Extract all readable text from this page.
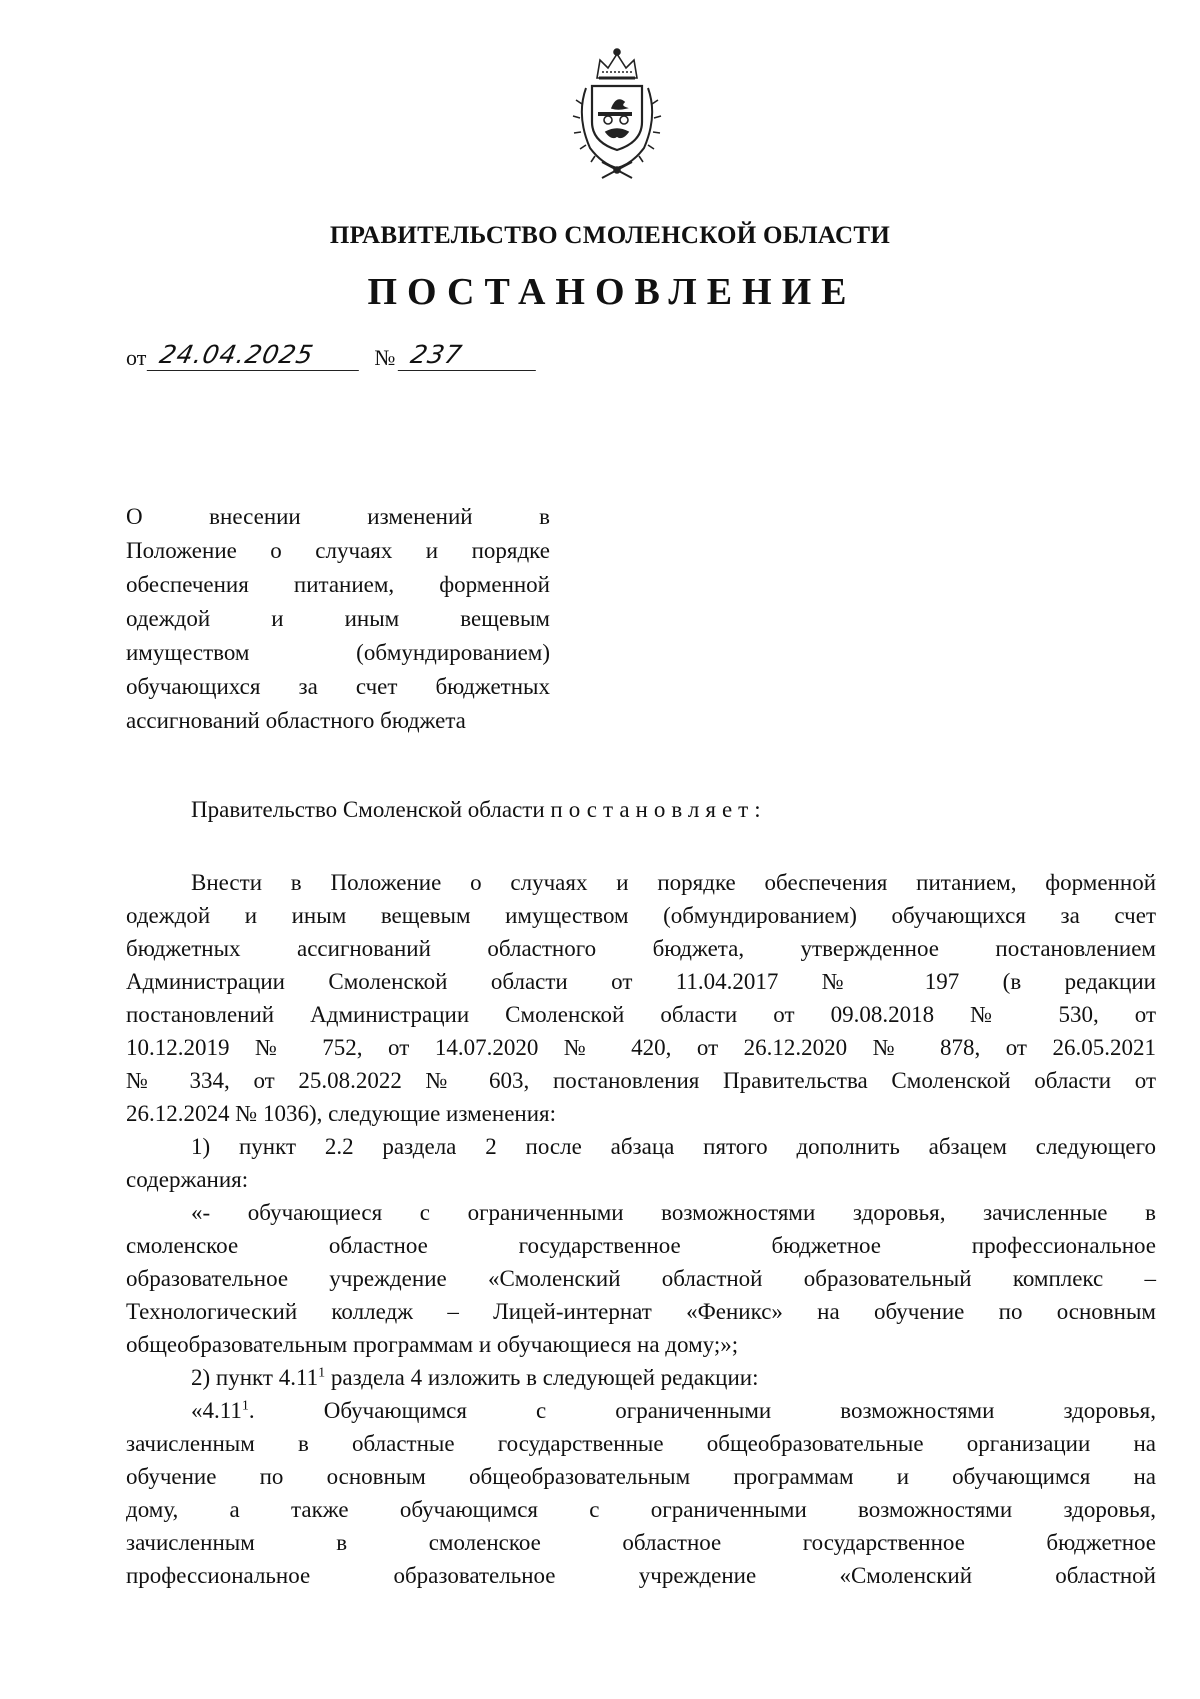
ПРАВИТЕЛЬСТВО СМОЛЕНСКОЙ ОБЛАСТИ
ПОСТАНОВЛЕНИЕ
от 24.04.2025	№ 237
О внесении изменений в
Положение о случаях и порядке
обеспечения питанием, форменной
одеждой и иным вещевым
имуществом (обмундированием)
обучающихся за счет бюджетных
ассигнований областного бюджета
Правительство Смоленской области постановляет:
Внести в Положение о случаях и порядке обеспечения питанием, форменной
одеждой и иным вещевым имуществом (обмундированием) обучающихся за счет
бюджетных ассигнований областного бюджета, утвержденное постановлением
Администрации Смоленской области от 11.04.2017 № 197 (в редакции
постановлений Администрации Смоленской области от 09.08.2018 № 530, от
10.12.2019 № 752, от 14.07.2020 № 420, от 26.12.2020 № 878, от 26.05.2021
№ 334, от 25.08.2022 № 603, постановления Правительства Смоленской области от
26.12.2024 № 1036), следующие изменения:
1) пункт 2.2 раздела 2 после абзаца пятого дополнить абзацем следующего
содержания:
«- обучающиеся с ограниченными возможностями здоровья, зачисленные в
смоленское областное государственное бюджетное профессиональное
образовательное учреждение «Смоленский областной образовательный комплекс –
Технологический колледж – Лицей-интернат «Феникс» на обучение по основным
общеобразовательным программам и обучающиеся на дому;»;
2) пункт 4.11$^1$ раздела 4 изложить в следующей редакции:
«4.11$^1$. Обучающимся с ограниченными возможностями здоровья,
зачисленным в областные государственные общеобразовательные организации на
обучение по основным общеобразовательным программам и обучающимся на
дому, а также обучающимся с ограниченными возможностями здоровья,
зачисленным в смоленское областное государственное бюджетное
профессиональное образовательное учреждение «Смоленский областной
